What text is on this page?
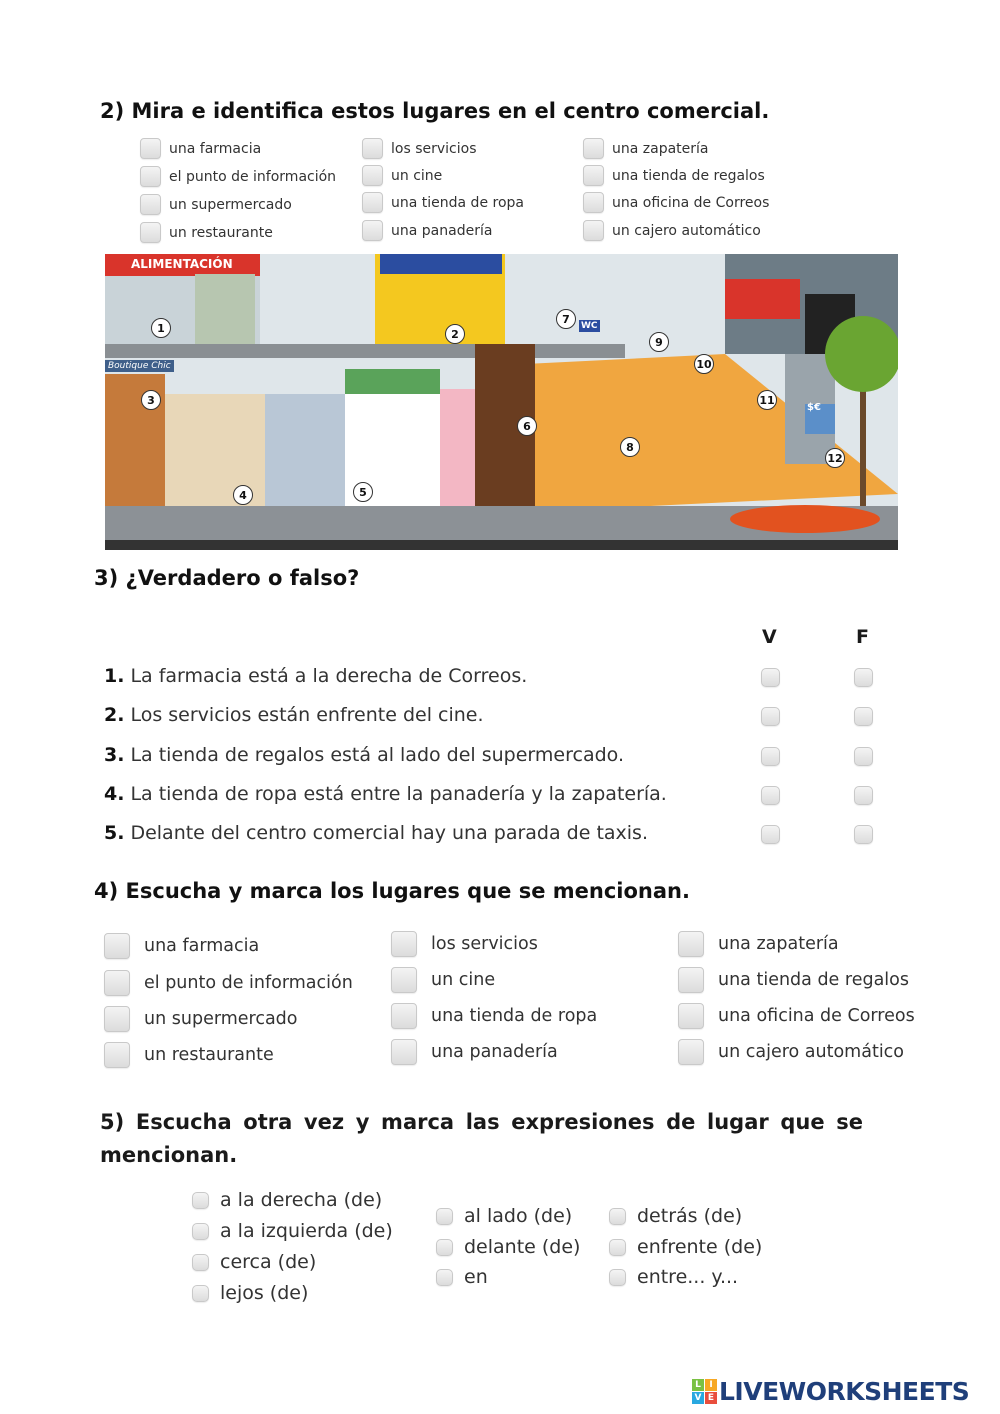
2) Mira e identifica estos lugares en el centro comercial.
una farmacia
el punto de información
un supermercado
un restaurante
los servicios
un cine
una tienda de ropa
una panadería
una zapatería
una tienda de regalos
una oficina de Correos
un cajero automático
ALIMENTACIÓN
WC
Boutique Chic
$€
1	2
3
4	5
6
7
8
9
10
11
12
3) ¿Verdadero o falso?
V	F
1. La farmacia está a la derecha de Correos.
2. Los servicios están enfrente del cine.
3. La tienda de regalos está al lado del supermercado.
4. La tienda de ropa está entre la panadería y la zapatería.
5. Delante del centro comercial hay una parada de taxis.
4) Escucha y marca los lugares que se mencionan.
una farmacia
el punto de información
un supermercado
un restaurante
los servicios
un cine
una tienda de ropa
una panadería
una zapatería
una tienda de regalos
una oficina de Correos
un cajero automático
5) Escucha otra vez y marca las expresiones de lugar que se mencionan.
a la derecha (de)
a la izquierda (de)
cerca (de)
lejos (de)
al lado (de)
delante (de)
en
detrás (de)
enfrente (de)
entre... y...
L I
V E LIVEWORKSHEETS
